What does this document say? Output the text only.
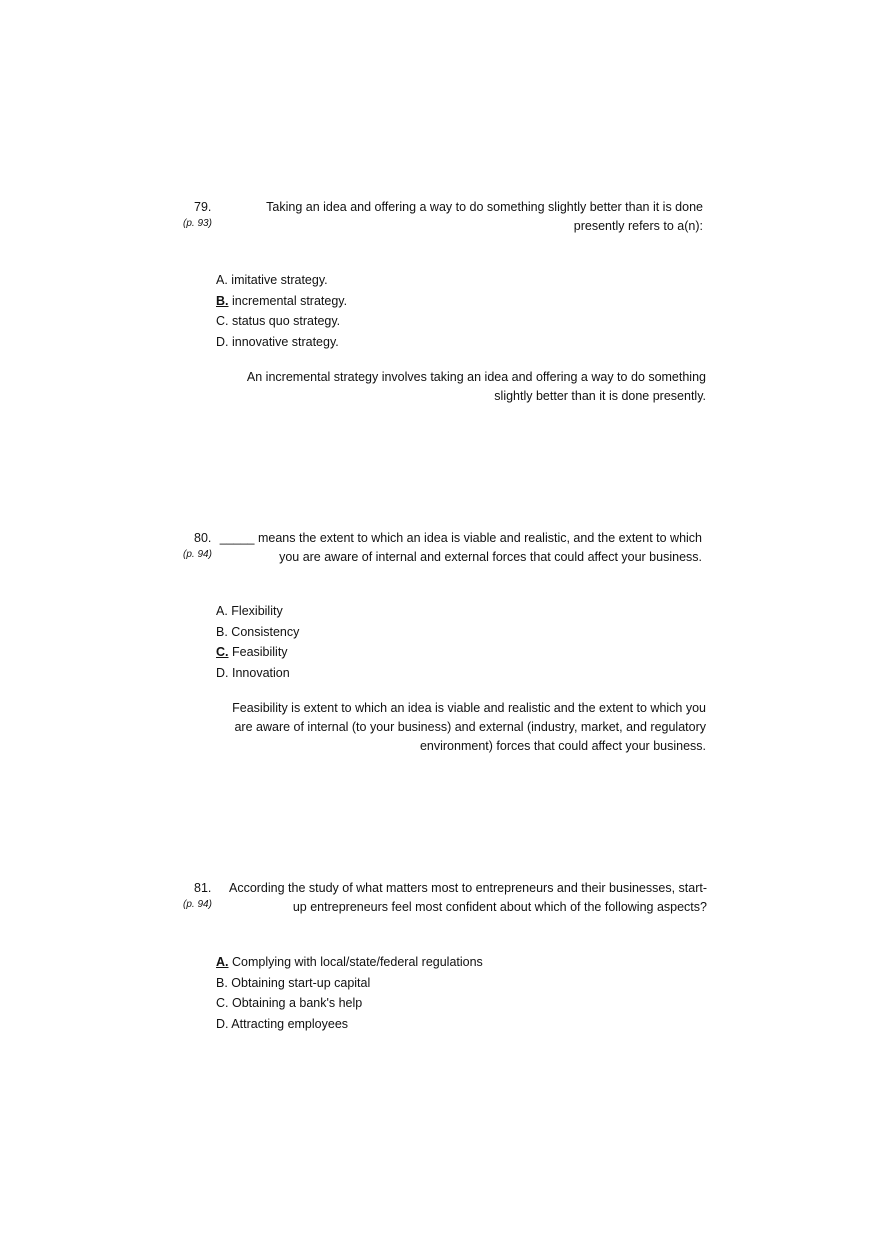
79.
(p. 93)
Taking an idea and offering a way to do something slightly better than it is done
presently refers to a(n):
A. imitative strategy.
B. incremental strategy.
C. status quo strategy.
D. innovative strategy.
An incremental strategy involves taking an idea and offering a way to do something
slightly better than it is done presently.
80.
(p. 94)
_____ means the extent to which an idea is viable and realistic, and the extent to which
you are aware of internal and external forces that could affect your business.
A. Flexibility
B. Consistency
C. Feasibility
D. Innovation
Feasibility is extent to which an idea is viable and realistic and the extent to which you
are aware of internal (to your business) and external (industry, market, and regulatory
environment) forces that could affect your business.
81.
(p. 94)
According the study of what matters most to entrepreneurs and their businesses, start-
up entrepreneurs feel most confident about which of the following aspects?
A. Complying with local/state/federal regulations
B. Obtaining start-up capital
C. Obtaining a bank's help
D. Attracting employees
